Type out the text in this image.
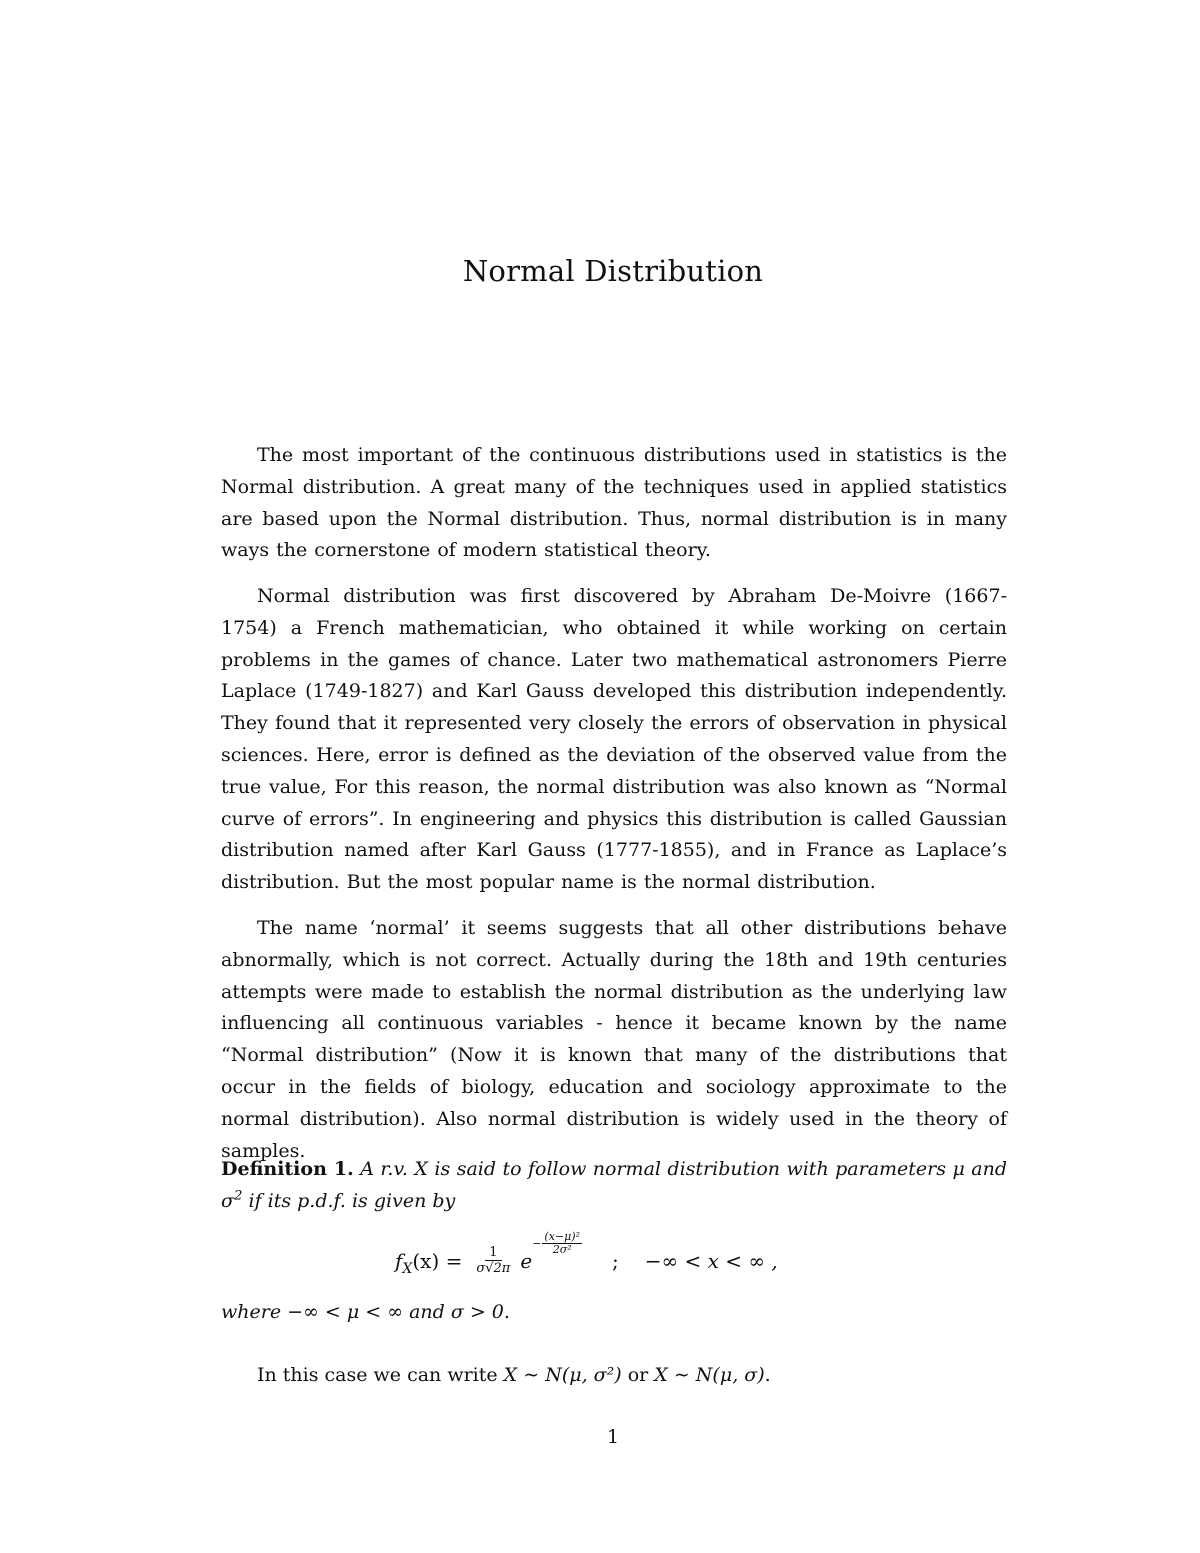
Normal Distribution

The most important of the continuous distributions used in statistics is the Normal distribution. A great many of the techniques used in applied statistics are based upon the Normal distribution. Thus, normal distribution is in many ways the cornerstone of modern statistical theory.

Normal distribution was first discovered by Abraham De-Moivre (1667-1754) a French mathematician, who obtained it while working on certain problems in the games of chance. Later two mathematical astronomers Pierre Laplace (1749-1827) and Karl Gauss developed this distribution independently. They found that it represented very closely the errors of observation in physical sciences. Here, error is defined as the deviation of the observed value from the true value, For this reason, the normal distribution was also known as “Normal curve of errors”. In engineering and physics this distribution is called Gaussian distribution named after Karl Gauss (1777-1855), and in France as Laplace’s distribution. But the most popular name is the normal distribution.

The name ‘normal’ it seems suggests that all other distributions behave abnormally, which is not correct. Actually during the 18th and 19th centuries attempts were made to establish the normal distribution as the underlying law influencing all continuous variables - hence it became known by the name “Normal distribution” (Now it is known that many of the distributions that occur in the fields of biology, education and sociology approximate to the normal distribution). Also normal distribution is widely used in the theory of samples.

Definition 1. A r.v. X is said to follow normal distribution with parameters μ and $\sigma^2$ if its p.d.f. is given by

$f_X(x) = \frac{1}{\sigma√2\pi}$ e
− $\frac{\text{(x−μ)²}}{\text{2σ²}}$
; −∞ < x < ∞ ,

where −∞ < μ < ∞ and σ > 0.

In this case we can write X ∼ N(μ, σ²) or X ∼ N(μ, σ).

1
